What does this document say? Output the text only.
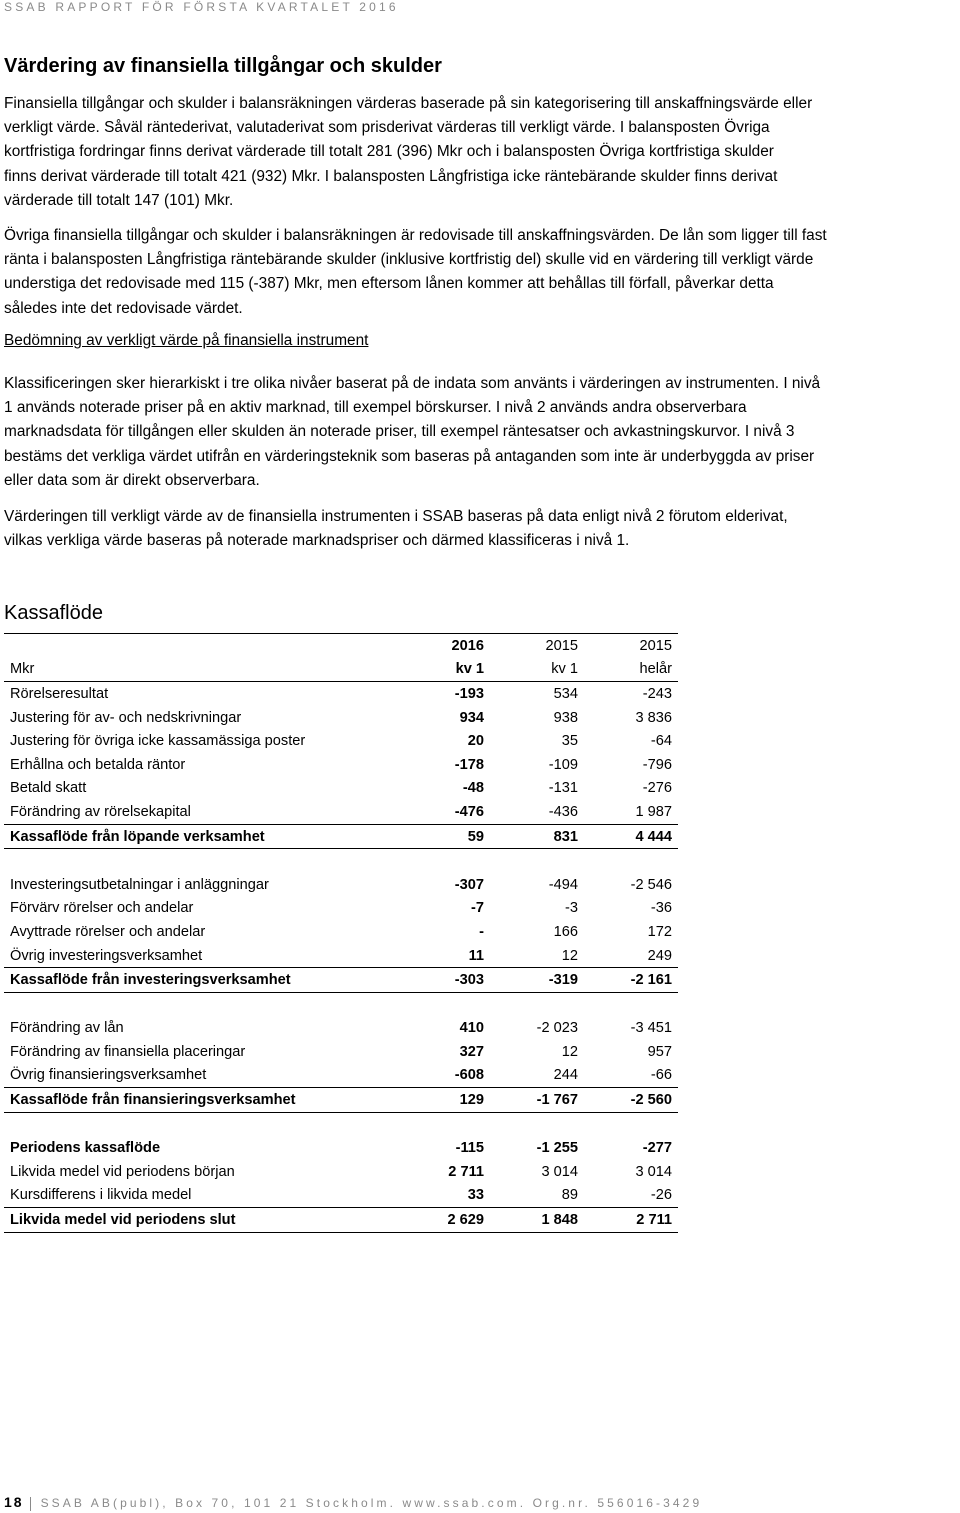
SSAB RAPPORT FÖR FÖRSTA KVARTALET 2016
Värdering av finansiella tillgångar och skulder

Finansiella tillgångar och skulder i balansräkningen värderas baserade på sin kategorisering till anskaffningsvärde eller
verkligt värde. Såväl räntederivat, valutaderivat som prisderivat värderas till verkligt värde. I balansposten Övriga
kortfristiga fordringar finns derivat värderade till totalt 281 (396) Mkr och i balansposten Övriga kortfristiga skulder
finns derivat värderade till totalt 421 (932) Mkr. I balansposten Långfristiga icke räntebärande skulder finns derivat
värderade till totalt 147 (101) Mkr.

Övriga finansiella tillgångar och skulder i balansräkningen är redovisade till anskaffningsvärden. De lån som ligger till fast
ränta i balansposten Långfristiga räntebärande skulder (inklusive kortfristig del) skulle vid en värdering till verkligt värde
understiga det redovisade med 115 (-387) Mkr, men eftersom lånen kommer att behållas till förfall, påverkar detta
således inte det redovisade värdet.

Bedömning av verkligt värde på finansiella instrument

Klassificeringen sker hierarkiskt i tre olika nivåer baserat på de indata som använts i värderingen av instrumenten. I nivå
1 används noterade priser på en aktiv marknad, till exempel börskurser. I nivå 2 används andra observerbara
marknadsdata för tillgången eller skulden än noterade priser, till exempel räntesatser och avkastningskurvor. I nivå 3
bestäms det verkliga värdet utifrån en värderingsteknik som baseras på antaganden som inte är underbyggda av priser
eller data som är direkt observerbara.

Värderingen till verkligt värde av de finansiella instrumenten i SSAB baseras på data enligt nivå 2 förutom elderivat,
vilkas verkliga värde baseras på noterade marknadspriser och därmed klassificeras i nivå 1.

Kassaflöde
	2016	2015	2015
Mkr	kv 1	kv 1	helår
Rörelseresultat	-193	534	-243
Justering för av- och nedskrivningar	934	938	3 836
Justering för övriga icke kassamässiga poster	20	35	-64
Erhållna och betalda räntor	-178	-109	-796
Betald skatt	-48	-131	-276
Förändring av rörelsekapital	-476	-436	1 987
Kassaflöde från löpande verksamhet	59	831	4 444

Investeringsutbetalningar i anläggningar	-307	-494	-2 546
Förvärv rörelser och andelar	-7	-3	-36
Avyttrade rörelser och andelar	-	166	172
Övrig investeringsverksamhet	11	12	249
Kassaflöde från investeringsverksamhet	-303	-319	-2 161

Förändring av lån	410	-2 023	-3 451
Förändring av finansiella placeringar	327	12	957
Övrig finansieringsverksamhet	-608	244	-66
Kassaflöde från finansieringsverksamhet	129	-1 767	-2 560

Periodens kassaflöde	-115	-1 255	-277
Likvida medel vid periodens början	2 711	3 014	3 014
Kursdifferens i likvida medel	33	89	-26
Likvida medel vid periodens slut	2 629	1 848	2 711
18 SSAB AB(publ), Box 70, 101 21 Stockholm. www.ssab.com. Org.nr. 556016-3429
